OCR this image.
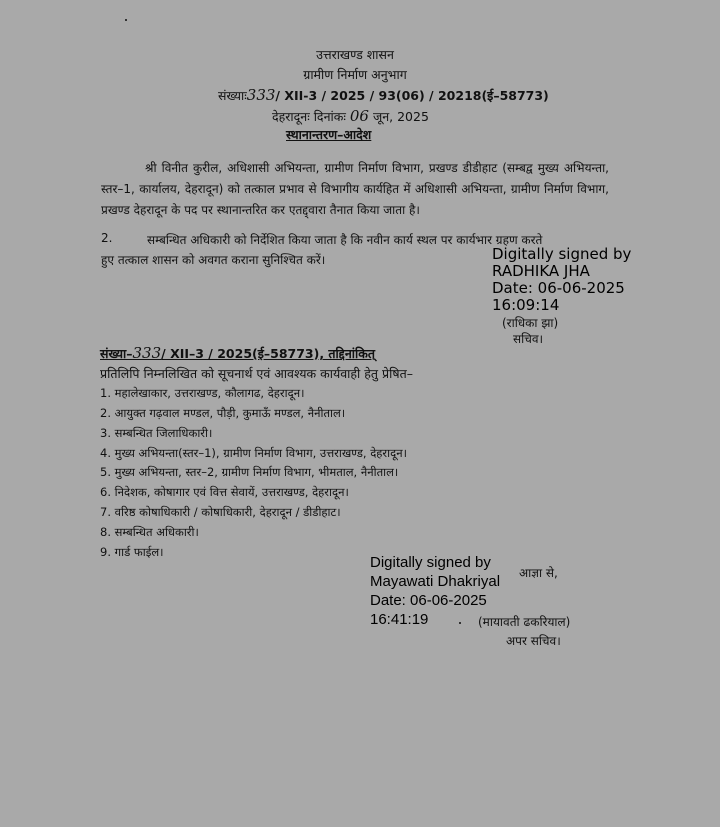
उत्तराखण्ड शासन
ग्रामीण निर्माण अनुभाग
संख्याः333/ XII-3 / 2025 / 93(06) / 20218(ई–58773)
देहरादूनः दिनांकः 06 जून, 2025
स्थानान्तरण–आदेश
श्री विनीत कुरील, अधिशासी अभियन्ता, ग्रामीण निर्माण विभाग, प्रखण्ड डीडीहाट (सम्बद्व मुख्य अभियन्ता, स्तर–1, कार्यालय, देहरादून) को तत्काल प्रभाव से विभागीय कार्यहित में अधिशासी अभियन्ता, ग्रामीण निर्माण विभाग, प्रखण्ड देहरादून के पद पर स्थानान्तरित कर एतद्द्वारा तैनात किया जाता है।
2.	सम्बन्धित अधिकारी को निर्देशित किया जाता है कि नवीन कार्य स्थल पर कार्यभार ग्रहण करते
हुए तत्काल शासन को अवगत कराना सुनिश्चित करें।	Digitally signed by
RADHIKA JHA
Date: 06-06-2025
16:09:14
(राधिका झा)
सचिव।
संख्या–333/ XII–3 / 2025(ई–58773), तद्दिनांकित्
प्रतिलिपि निम्नलिखित को सूचनार्थ एवं आवश्यक कार्यवाही हेतु प्रेषित–
1. महालेखाकार, उत्तराखण्ड, कौलागढ, देहरादून।
2. आयुक्त गढ़वाल मण्डल, पौड़ी, कुमाऊँ मण्डल, नैनीताल।
3. सम्बन्धित जिलाधिकारी।
4. मुख्य अभियन्ता(स्तर–1), ग्रामीण निर्माण विभाग, उत्तराखण्ड, देहरादून।
5. मुख्य अभियन्ता, स्तर–2, ग्रामीण निर्माण विभाग, भीमताल, नैनीताल।
6. निदेशक, कोषागार एवं वित्त सेवायें, उत्तराखण्ड, देहरादून।
7. वरिष्ठ कोषाधिकारी / कोषाधिकारी, देहरादून / डीडीहाट।
8. सम्बन्धित अधिकारी।
9. गार्ड फाईल।
Digitally signed by
Mayawati Dhakriyal
Date: 06-06-2025
16:41:19
आज्ञा से,
(मायावती ढकरियाल)
अपर सचिव।
